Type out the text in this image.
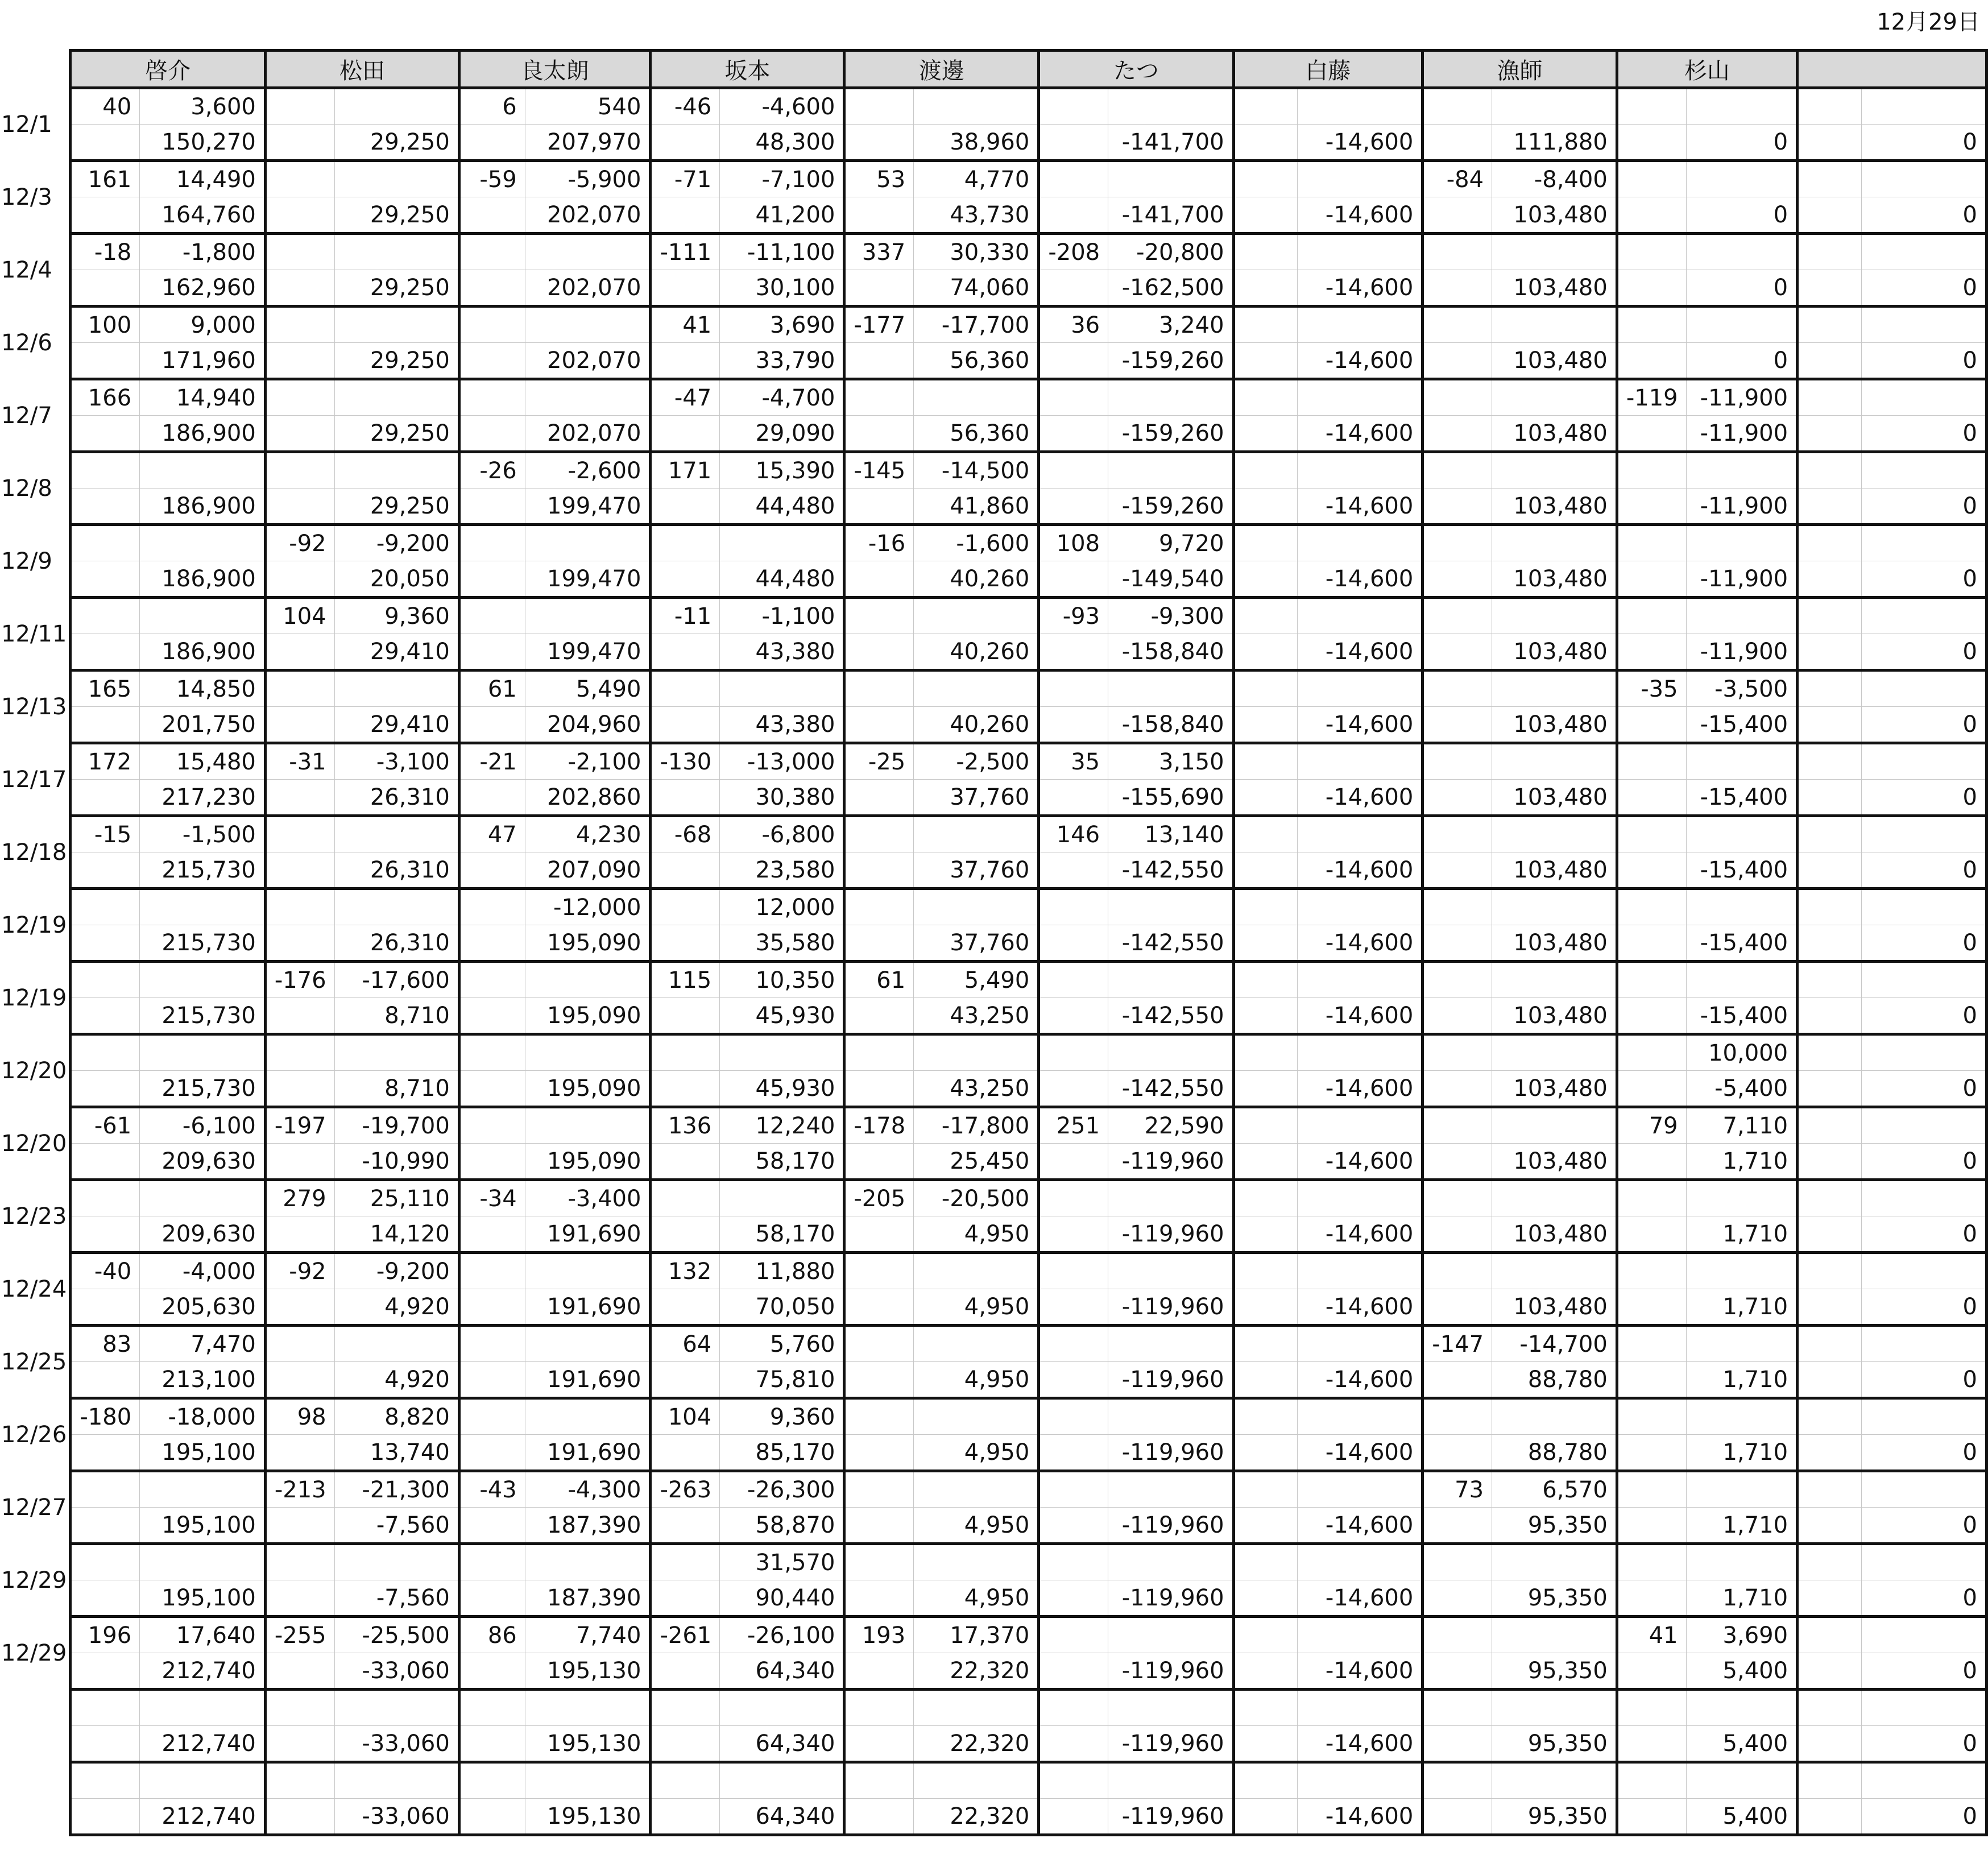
12月29日
	啓介		松田		良太朗		坂本		渡邊		たつ		白藤		漁師		杉山			
12/1	40	3,600			6	540	-46	-4,600												
		150,270		29,250		207,970		48,300		38,960		-141,700		-14,600		111,880		0		0
12/3	161	14,490			-59	-5,900	-71	-7,100	53	4,770					-84	-8,400				
		164,760		29,250		202,070		41,200		43,730		-141,700		-14,600		103,480		0		0
12/4	-18	-1,800					-111	-11,100	337	30,330	-208	-20,800								
		162,960		29,250		202,070		30,100		74,060		-162,500		-14,600		103,480		0		0
12/6	100	9,000					41	3,690	-177	-17,700	36	3,240								
		171,960		29,250		202,070		33,790		56,360		-159,260		-14,600		103,480		0		0
12/7	166	14,940					-47	-4,700									-119	-11,900		
		186,900		29,250		202,070		29,090		56,360		-159,260		-14,600		103,480		-11,900		0
12/8					-26	-2,600	171	15,390	-145	-14,500										
		186,900		29,250		199,470		44,480		41,860		-159,260		-14,600		103,480		-11,900		0
12/9			-92	-9,200					-16	-1,600	108	9,720								
		186,900		20,050		199,470		44,480		40,260		-149,540		-14,600		103,480		-11,900		0
12/11			104	9,360			-11	-1,100			-93	-9,300								
		186,900		29,410		199,470		43,380		40,260		-158,840		-14,600		103,480		-11,900		0
12/13	165	14,850			61	5,490											-35	-3,500		
		201,750		29,410		204,960		43,380		40,260		-158,840		-14,600		103,480		-15,400		0
12/17	172	15,480	-31	-3,100	-21	-2,100	-130	-13,000	-25	-2,500	35	3,150								
		217,230		26,310		202,860		30,380		37,760		-155,690		-14,600		103,480		-15,400		0
12/18	-15	-1,500			47	4,230	-68	-6,800			146	13,140								
		215,730		26,310		207,090		23,580		37,760		-142,550		-14,600		103,480		-15,400		0
12/19						-12,000		12,000												
		215,730		26,310		195,090		35,580		37,760		-142,550		-14,600		103,480		-15,400		0
12/19			-176	-17,600			115	10,350	61	5,490										
		215,730		8,710		195,090		45,930		43,250		-142,550		-14,600		103,480		-15,400		0
12/20																		10,000		
		215,730		8,710		195,090		45,930		43,250		-142,550		-14,600		103,480		-5,400		0
12/20	-61	-6,100	-197	-19,700			136	12,240	-178	-17,800	251	22,590					79	7,110		
		209,630		-10,990		195,090		58,170		25,450		-119,960		-14,600		103,480		1,710		0
12/23			279	25,110	-34	-3,400			-205	-20,500										
		209,630		14,120		191,690		58,170		4,950		-119,960		-14,600		103,480		1,710		0
12/24	-40	-4,000	-92	-9,200			132	11,880												
		205,630		4,920		191,690		70,050		4,950		-119,960		-14,600		103,480		1,710		0
12/25	83	7,470					64	5,760							-147	-14,700				
		213,100		4,920		191,690		75,810		4,950		-119,960		-14,600		88,780		1,710		0
12/26	-180	-18,000	98	8,820			104	9,360												
		195,100		13,740		191,690		85,170		4,950		-119,960		-14,600		88,780		1,710		0
12/27			-213	-21,300	-43	-4,300	-263	-26,300							73	6,570				
		195,100		-7,560		187,390		58,870		4,950		-119,960		-14,600		95,350		1,710		0
12/29								31,570												
		195,100		-7,560		187,390		90,440		4,950		-119,960		-14,600		95,350		1,710		0
12/29	196	17,640	-255	-25,500	86	7,740	-261	-26,100	193	17,370							41	3,690		
		212,740		-33,060		195,130		64,340		22,320		-119,960		-14,600		95,350		5,400		0

		212,740		-33,060		195,130		64,340		22,320		-119,960		-14,600		95,350		5,400		0

		212,740		-33,060		195,130		64,340		22,320		-119,960		-14,600		95,350		5,400		0
